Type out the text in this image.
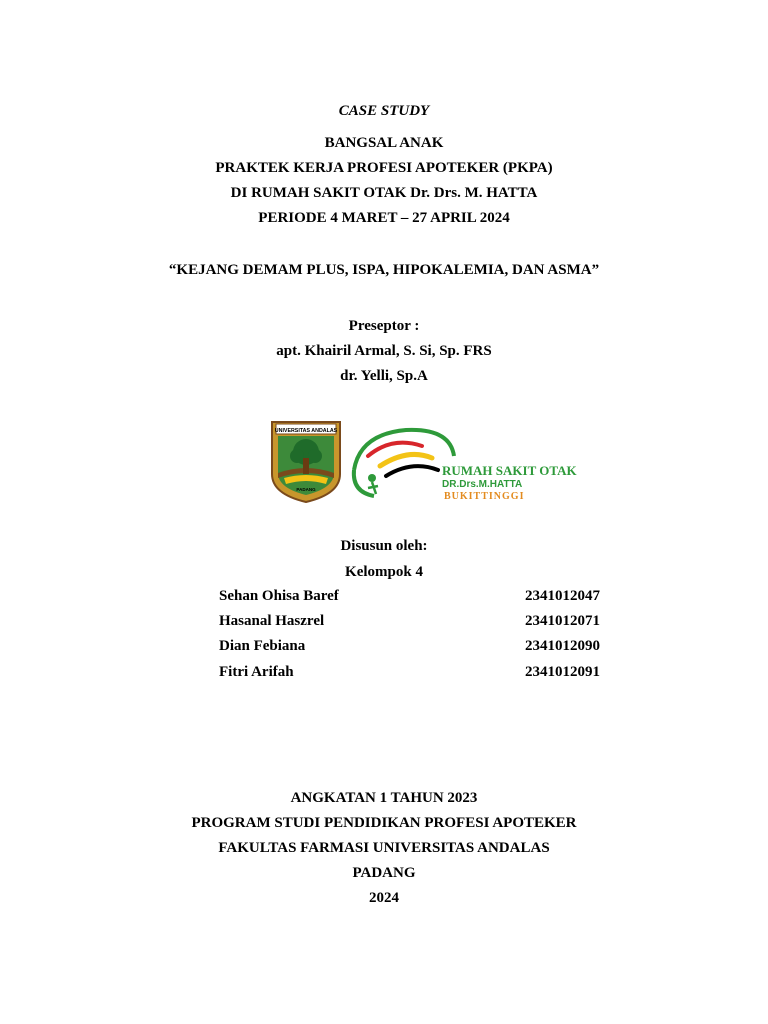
CASE STUDY
BANGSAL ANAK
PRAKTEK KERJA PROFESI APOTEKER (PKPA)
DI RUMAH SAKIT OTAK Dr. Drs. M. HATTA
PERIODE 4 MARET – 27 APRIL 2024
“KEJANG DEMAM PLUS, ISPA, HIPOKALEMIA, DAN ASMA”
Preseptor :
apt. Khairil Armal, S. Si, Sp. FRS
dr. Yelli, Sp.A
UNIVERSITAS ANDALAS
PADANG
RUMAH SAKIT OTAK
DR.Drs.M.HATTA
BUKITTINGGI
Disusun oleh:
Kelompok 4
Sehan Ohisa Baref	2341012047
Hasanal Haszrel	2341012071
Dian Febiana	2341012090
Fitri Arifah	2341012091
ANGKATAN 1 TAHUN 2023
PROGRAM STUDI PENDIDIKAN PROFESI APOTEKER
FAKULTAS FARMASI UNIVERSITAS ANDALAS
PADANG
2024
